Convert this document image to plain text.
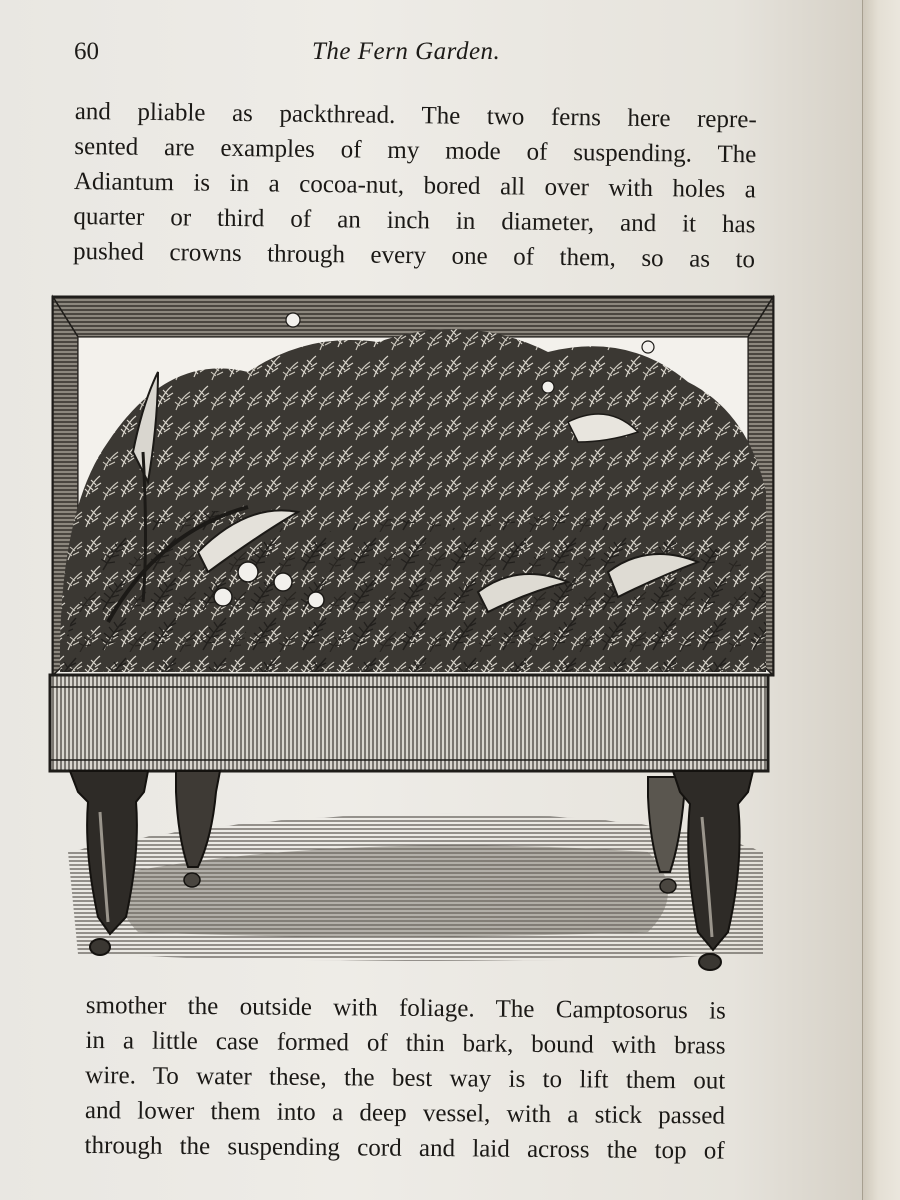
60	The Fern Garden.
and pliable as packthread. The two ferns here repre-
sented are examples of my mode of suspending. The
Adiantum is in a cocoa-nut, bored all over with holes a
quarter or third of an inch in diameter, and it has
pushed crowns through every one of them, so as to
smother the outside with foliage. The Camptosorus is
in a little case formed of thin bark, bound with brass
wire. To water these, the best way is to lift them out
and lower them into a deep vessel, with a stick passed
through the suspending cord and laid across the top of
